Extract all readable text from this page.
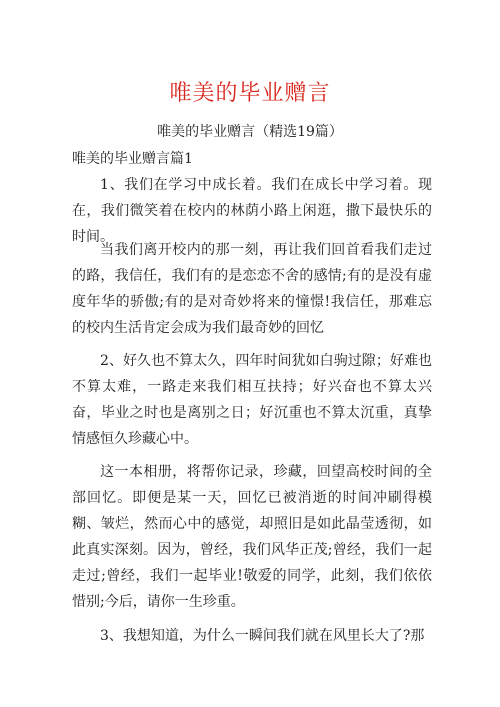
唯美的毕业赠言
唯美的毕业赠言（精选19篇）
唯美的毕业赠言篇1

1、我们在学习中成长着。我们在成长中学习着。现在，我们微笑着在校内的林荫小路上闲逛，撒下最快乐的时间。

当我们离开校内的那一刻，再让我们回首看我们走过的路，我信任，我们有的是恋恋不舍的感情;有的是没有虚度年华的骄傲;有的是对奇妙将来的憧憬!我信任，那难忘的校内生活肯定会成为我们最奇妙的回忆

2、好久也不算太久，四年时间犹如白驹过隙；好难也不算太难，一路走来我们相互扶持；好兴奋也不算太兴奋，毕业之时也是离别之日；好沉重也不算太沉重，真挚情感恒久珍藏心中。

这一本相册，将帮你记录，珍藏，回望高校时间的全部回忆。即便是某一天，回忆已被消逝的时间冲刷得模糊、皱烂，然而心中的感觉，却照旧是如此晶莹透彻，如此真实深刻。因为，曾经，我们风华正茂;曾经，我们一起走过;曾经，我们一起毕业!敬爱的同学，此刻，我们依依惜别;今后，请你一生珍重。

3、我想知道，为什么一瞬间我们就在风里长大了?那
